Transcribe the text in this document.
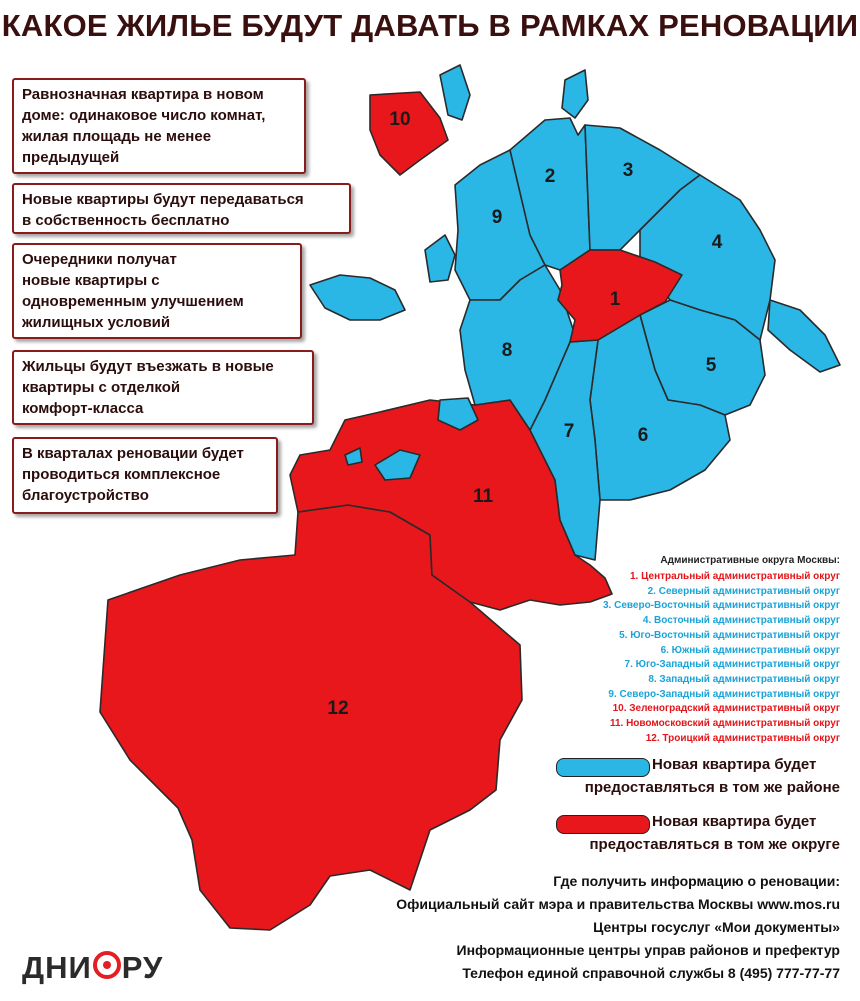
1
2	3
4
5
6
7
8
9
10
11
12
КАКОЕ ЖИЛЬЕ БУДУТ ДАВАТЬ В РАМКАХ РЕНОВАЦИИ
Равнозначная квартира в новом
доме: одинаковое число комнат,
жилая площадь не менее
предыдущей
Новые квартиры будут передаваться
в собственность бесплатно
Очередники получат
новые квартиры с
одновременным улучшением
жилищных условий
Жильцы будут въезжать в новые
квартиры с отделкой
комфорт-класса
В кварталах реновации будет
проводиться комплексное
благоустройство
Административные округа Москвы:
1. Центральный административный округ
2. Северный административный округ
3. Северо-Восточный административный округ
4. Восточный административный округ
5. Юго-Восточный административный округ
6. Южный административный округ
7. Юго-Западный административный округ
8. Западный административный округ
9. Северо-Западный административный округ
10. Зеленоградский административный округ
11. Новомосковский административный округ
12. Троицкий административный округ
Новая квартира будет
предоставляться в том же районе
Новая квартира будет
предоставляться в том же округе
Где получить информацию о реновации:
Официальный сайт мэра и правительства Москвы www.mos.ru
Центры госуслуг «Мои документы»
Информационные центры управ районов и префектур
Телефон единой справочной службы 8 (495) 777-77-77
ДНИ РУ
